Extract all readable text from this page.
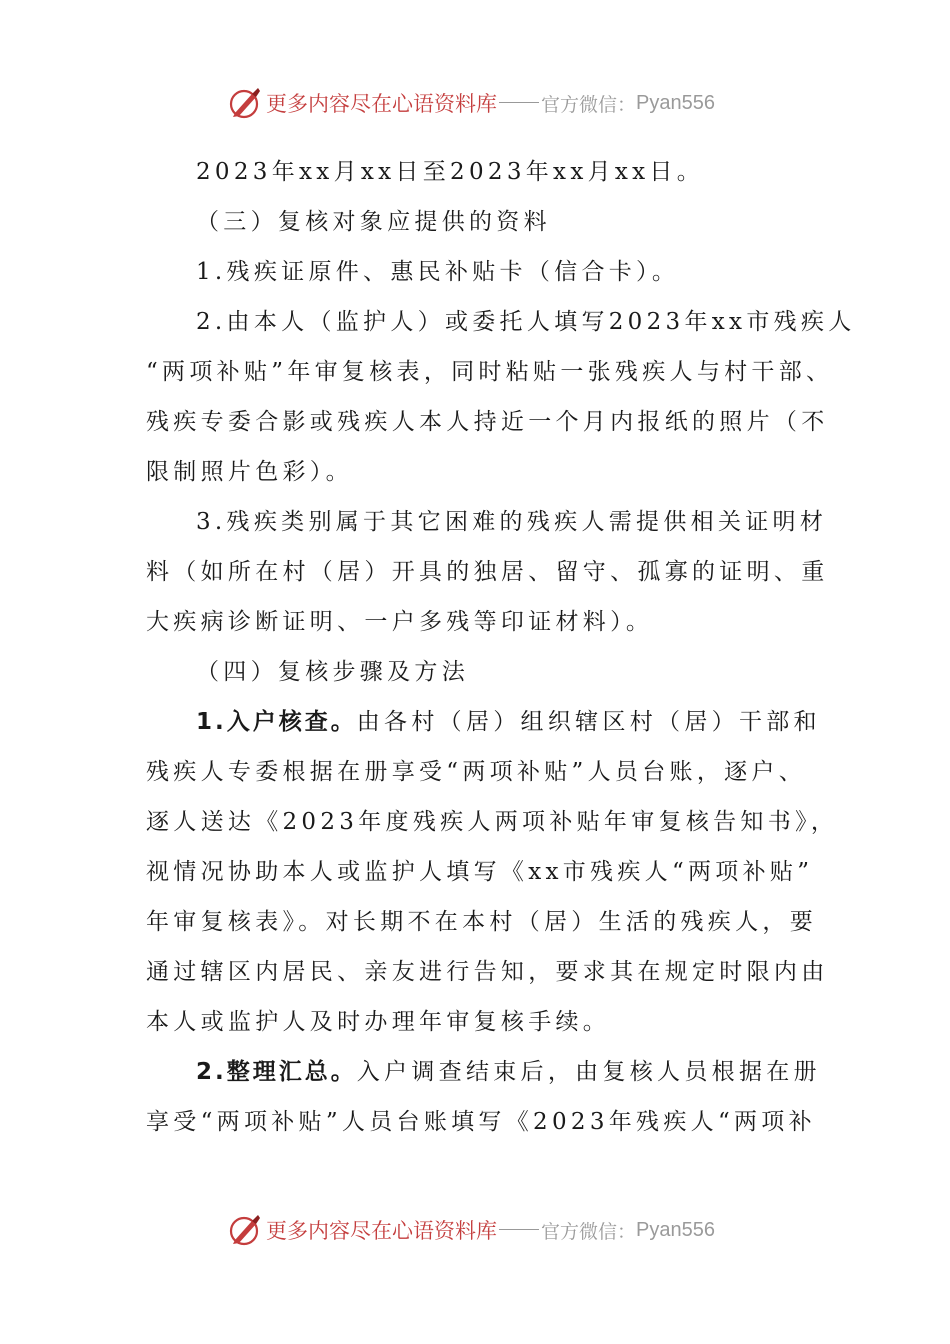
更多内容尽在心语资料库 官方微信： Pyan556
2023年xx月xx日至2023年xx月xx日。
（三）复核对象应提供的资料
1.残疾证原件、惠民补贴卡（信合卡）。
2.由本人（监护人）或委托人填写2023年xx市残疾人
“两项补贴”年审复核表，同时粘贴一张残疾人与村干部、
残疾专委合影或残疾人本人持近一个月内报纸的照片（不
限制照片色彩）。
3.残疾类别属于其它困难的残疾人需提供相关证明材
料（如所在村（居）开具的独居、留守、孤寡的证明、重
大疾病诊断证明、一户多残等印证材料）。
（四）复核步骤及方法
1.入户核查。由各村（居）组织辖区村（居）干部和
残疾人专委根据在册享受“两项补贴”人员台账，逐户、
逐人送达《2023年度残疾人两项补贴年审复核告知书》，
视情况协助本人或监护人填写《xx市残疾人“两项补贴”
年审复核表》。对长期不在本村（居）生活的残疾人，要
通过辖区内居民、亲友进行告知，要求其在规定时限内由
本人或监护人及时办理年审复核手续。
2.整理汇总。入户调查结束后，由复核人员根据在册
享受“两项补贴”人员台账填写《2023年残疾人“两项补
更多内容尽在心语资料库 官方微信： Pyan556
